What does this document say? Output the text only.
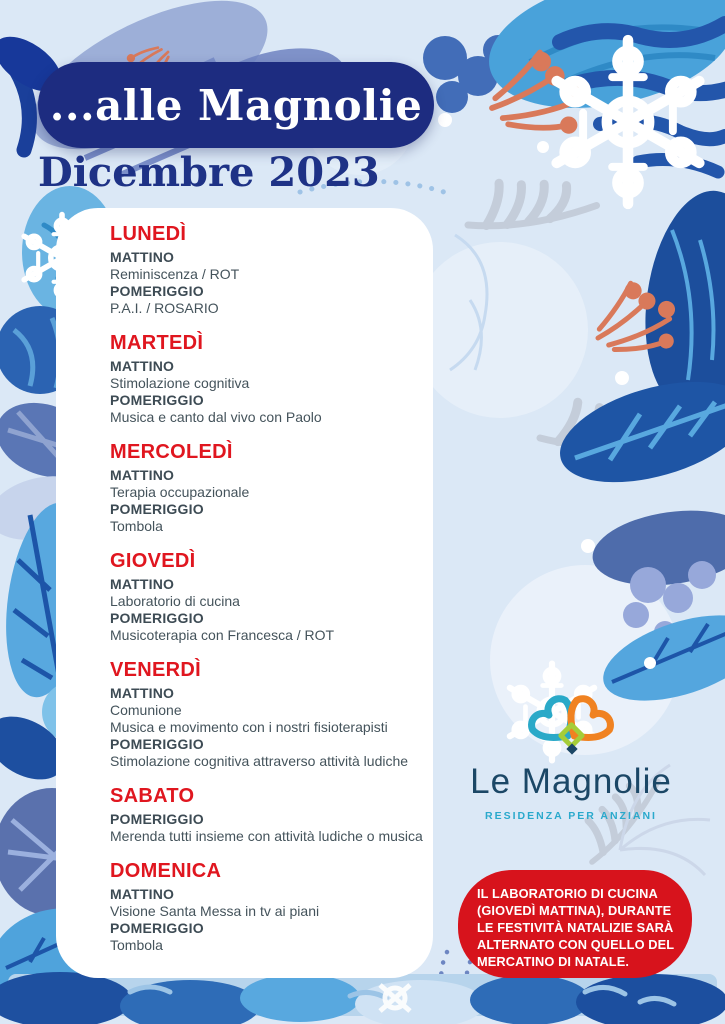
...alle Magnolie
Dicembre 2023
LUNEDÌ
MATTINO
Reminiscenza / ROT
POMERIGGIO
P.A.I. / ROSARIO
MARTEDÌ
MATTINO
Stimolazione cognitiva
POMERIGGIO
Musica e canto dal vivo con Paolo
MERCOLEDÌ
MATTINO
Terapia occupazionale
POMERIGGIO
Tombola
GIOVEDÌ
MATTINO
Laboratorio di cucina
POMERIGGIO
Musicoterapia con Francesca / ROT
VENERDÌ
MATTINO
Comunione
Musica e movimento con i nostri fisioterapisti
POMERIGGIO
Stimolazione cognitiva attraverso attività ludiche
SABATO
POMERIGGIO
Merenda tutti insieme con attività ludiche o musica
DOMENICA
MATTINO
Visione Santa Messa in tv ai piani
POMERIGGIO
Tombola
Le Magnolie
RESIDENZA PER ANZIANI
IL LABORATORIO DI CUCINA (GIOVEDÌ MATTINA), DURANTE LE FESTIVITÀ NATALIZIE SARÀ ALTERNATO CON QUELLO DEL MERCATINO DI NATALE.
